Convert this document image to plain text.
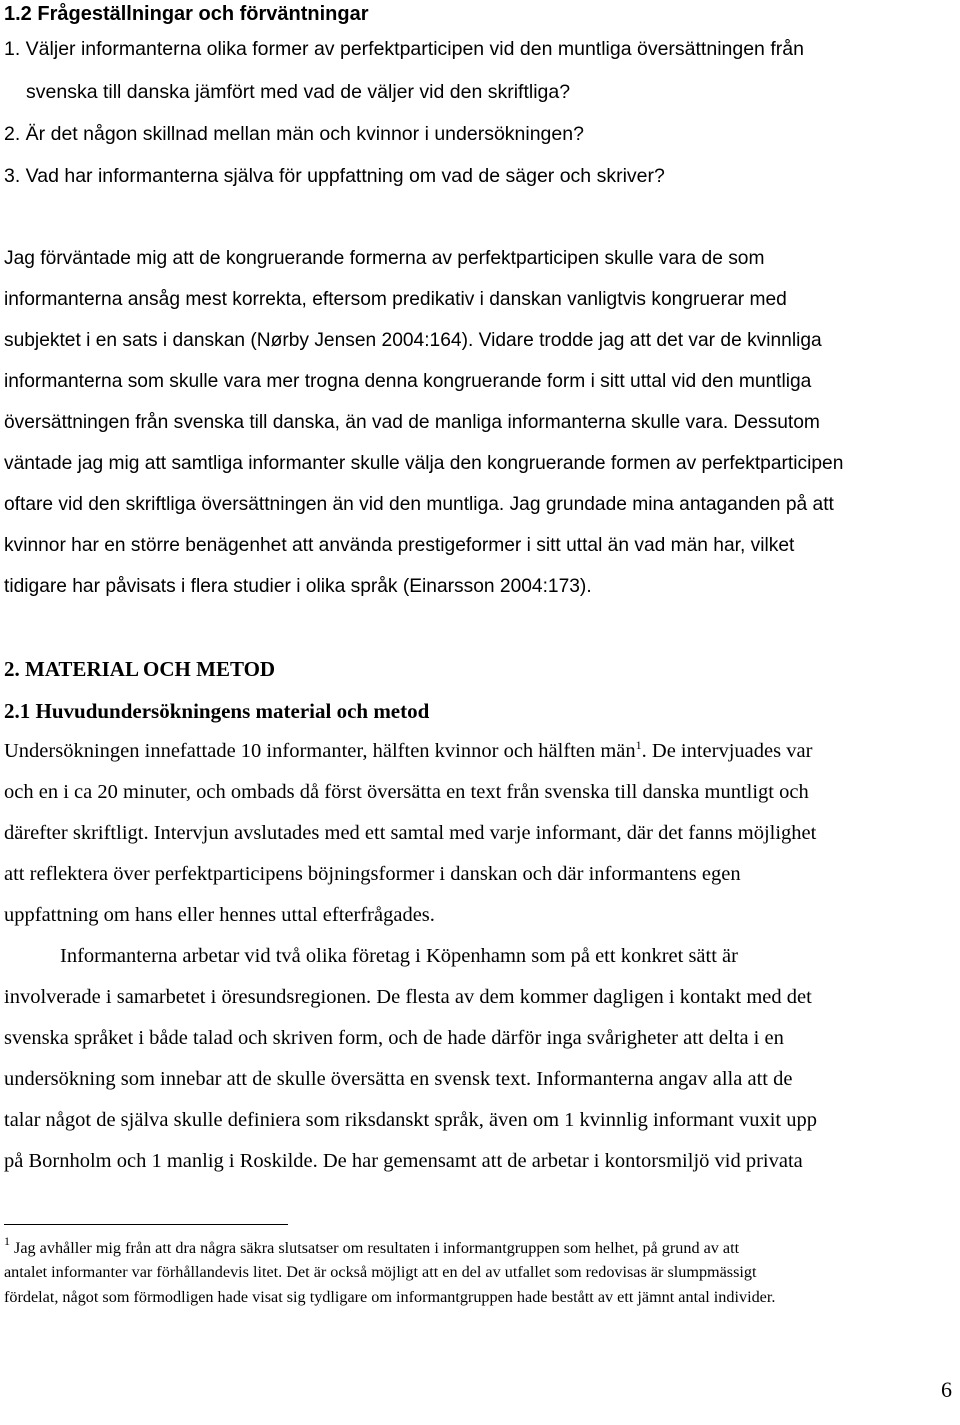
1.2 Frågeställningar och förväntningar
1. Väljer informanterna olika former av perfektparticipen vid den muntliga översättningen från
svenska till danska jämfört med vad de väljer vid den skriftliga?
2. Är det någon skillnad mellan män och kvinnor i undersökningen?
3. Vad har informanterna själva för uppfattning om vad de säger och skriver?
Jag förväntade mig att de kongruerande formerna av perfektparticipen skulle vara de som
informanterna ansåg mest korrekta, eftersom predikativ i danskan vanligtvis kongruerar med
subjektet i en sats i danskan (Nørby Jensen 2004:164). Vidare trodde jag att det var de kvinnliga
informanterna som skulle vara mer trogna denna kongruerande form i sitt uttal vid den muntliga
översättningen från svenska till danska, än vad de manliga informanterna skulle vara. Dessutom
väntade jag mig att samtliga informanter skulle välja den kongruerande formen av perfektparticipen
oftare vid den skriftliga översättningen än vid den muntliga. Jag grundade mina antaganden på att
kvinnor har en större benägenhet att använda prestigeformer i sitt uttal än vad män har, vilket
tidigare har påvisats i flera studier i olika språk (Einarsson 2004:173).
2. MATERIAL OCH METOD
2.1 Huvudundersökningens material och metod
Undersökningen innefattade 10 informanter, hälften kvinnor och hälften män$^1$. De intervjuades var
och en i ca 20 minuter, och ombads då först översätta en text från svenska till danska muntligt och
därefter skriftligt. Intervjun avslutades med ett samtal med varje informant, där det fanns möjlighet
att reflektera över perfektparticipens böjningsformer i danskan och där informantens egen
uppfattning om hans eller hennes uttal efterfrågades.
Informanterna arbetar vid två olika företag i Köpenhamn som på ett konkret sätt är
involverade i samarbetet i öresundsregionen. De flesta av dem kommer dagligen i kontakt med det
svenska språket i både talad och skriven form, och de hade därför inga svårigheter att delta i en
undersökning som innebar att de skulle översätta en svensk text. Informanterna angav alla att de
talar något de själva skulle definiera som riksdanskt språk, även om 1 kvinnlig informant vuxit upp
på Bornholm och 1 manlig i Roskilde. De har gemensamt att de arbetar i kontorsmiljö vid privata
$^1$ Jag avhåller mig från att dra några säkra slutsatser om resultaten i informantgruppen som helhet, på grund av att
antalet informanter var förhållandevis litet. Det är också möjligt att en del av utfallet som redovisas är slumpmässigt
fördelat, något som förmodligen hade visat sig tydligare om informantgruppen hade bestått av ett jämnt antal individer.
6
